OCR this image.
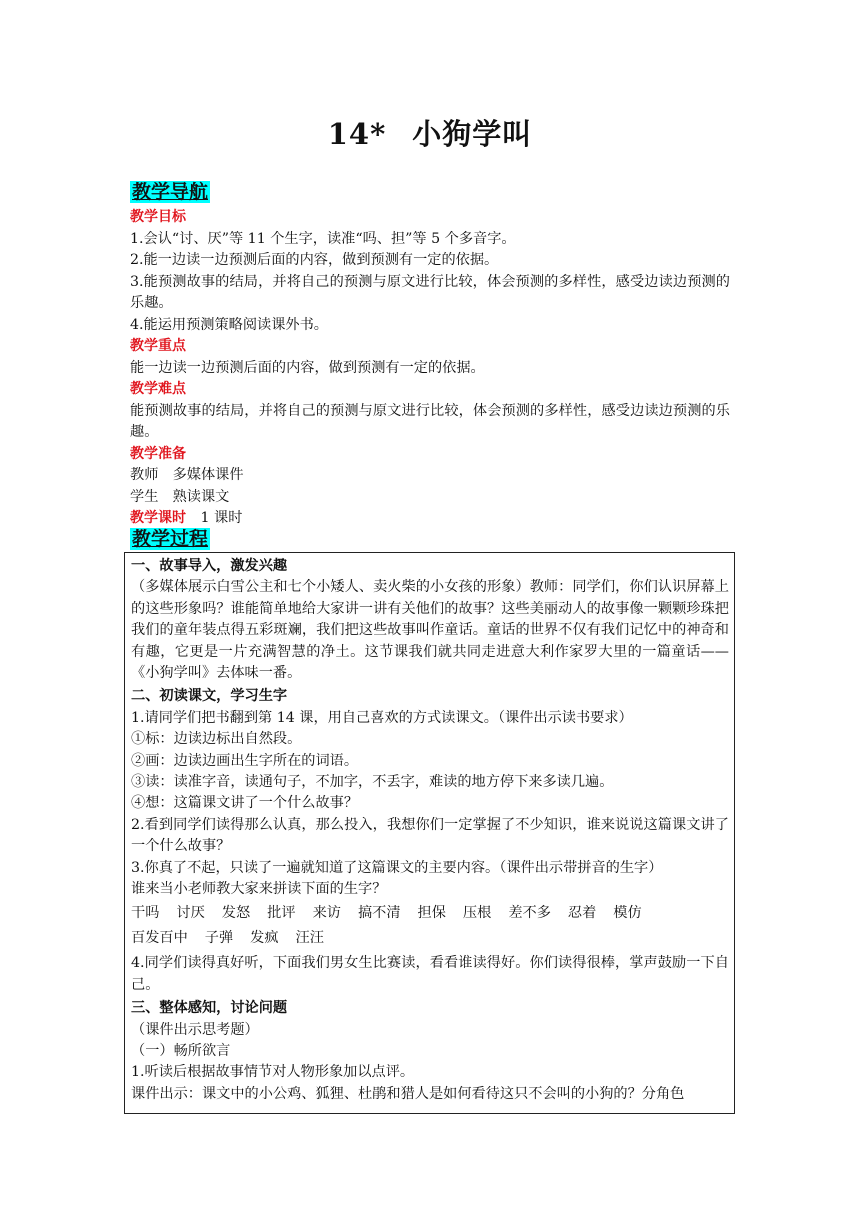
14* 小狗学叫
教学导航
教学目标
1.会认“讨、厌”等 11 个生字，读准“吗、担”等 5 个多音字。
2.能一边读一边预测后面的内容，做到预测有一定的依据。
3.能预测故事的结局，并将自己的预测与原文进行比较，体会预测的多样性，感受边读边预测的乐趣。
4.能运用预测策略阅读课外书。
教学重点
能一边读一边预测后面的内容，做到预测有一定的依据。
教学难点
能预测故事的结局，并将自己的预测与原文进行比较，体会预测的多样性，感受边读边预测的乐趣。
教学准备
教师　多媒体课件
学生　熟读课文
教学课时 1 课时
教学过程
一、故事导入，激发兴趣
（多媒体展示白雪公主和七个小矮人、卖火柴的小女孩的形象）教师：同学们，你们认识屏幕上的这些形象吗？谁能简单地给大家讲一讲有关他们的故事？这些美丽动人的故事像一颗颗珍珠把我们的童年装点得五彩斑斓，我们把这些故事叫作童话。童话的世界不仅有我们记忆中的神奇和有趣，它更是一片充满智慧的净土。这节课我们就共同走进意大利作家罗大里的一篇童话——《小狗学叫》去体味一番。
二、初读课文，学习生字
1.请同学们把书翻到第 14 课，用自己喜欢的方式读课文。（课件出示读书要求）
①标：边读边标出自然段。
②画：边读边画出生字所在的词语。
③读：读准字音，读通句子，不加字，不丢字，难读的地方停下来多读几遍。
④想：这篇课文讲了一个什么故事？
2.看到同学们读得那么认真，那么投入，我想你们一定掌握了不少知识，谁来说说这篇课文讲了一个什么故事？
3.你真了不起，只读了一遍就知道了这篇课文的主要内容。（课件出示带拼音的生字）
谁来当小老师教大家来拼读下面的生字？
干吗 讨厌 发怒 批评 来访 搞不清 担保 压根 差不多 忍着 模仿
百发百中 子弹 发疯 汪汪
4.同学们读得真好听，下面我们男女生比赛读，看看谁读得好。你们读得很棒，掌声鼓励一下自己。
三、整体感知，讨论问题
（课件出示思考题）
（一）畅所欲言
1.听读后根据故事情节对人物形象加以点评。
课件出示：课文中的小公鸡、狐狸、杜鹃和猎人是如何看待这只不会叫的小狗的？分角色
